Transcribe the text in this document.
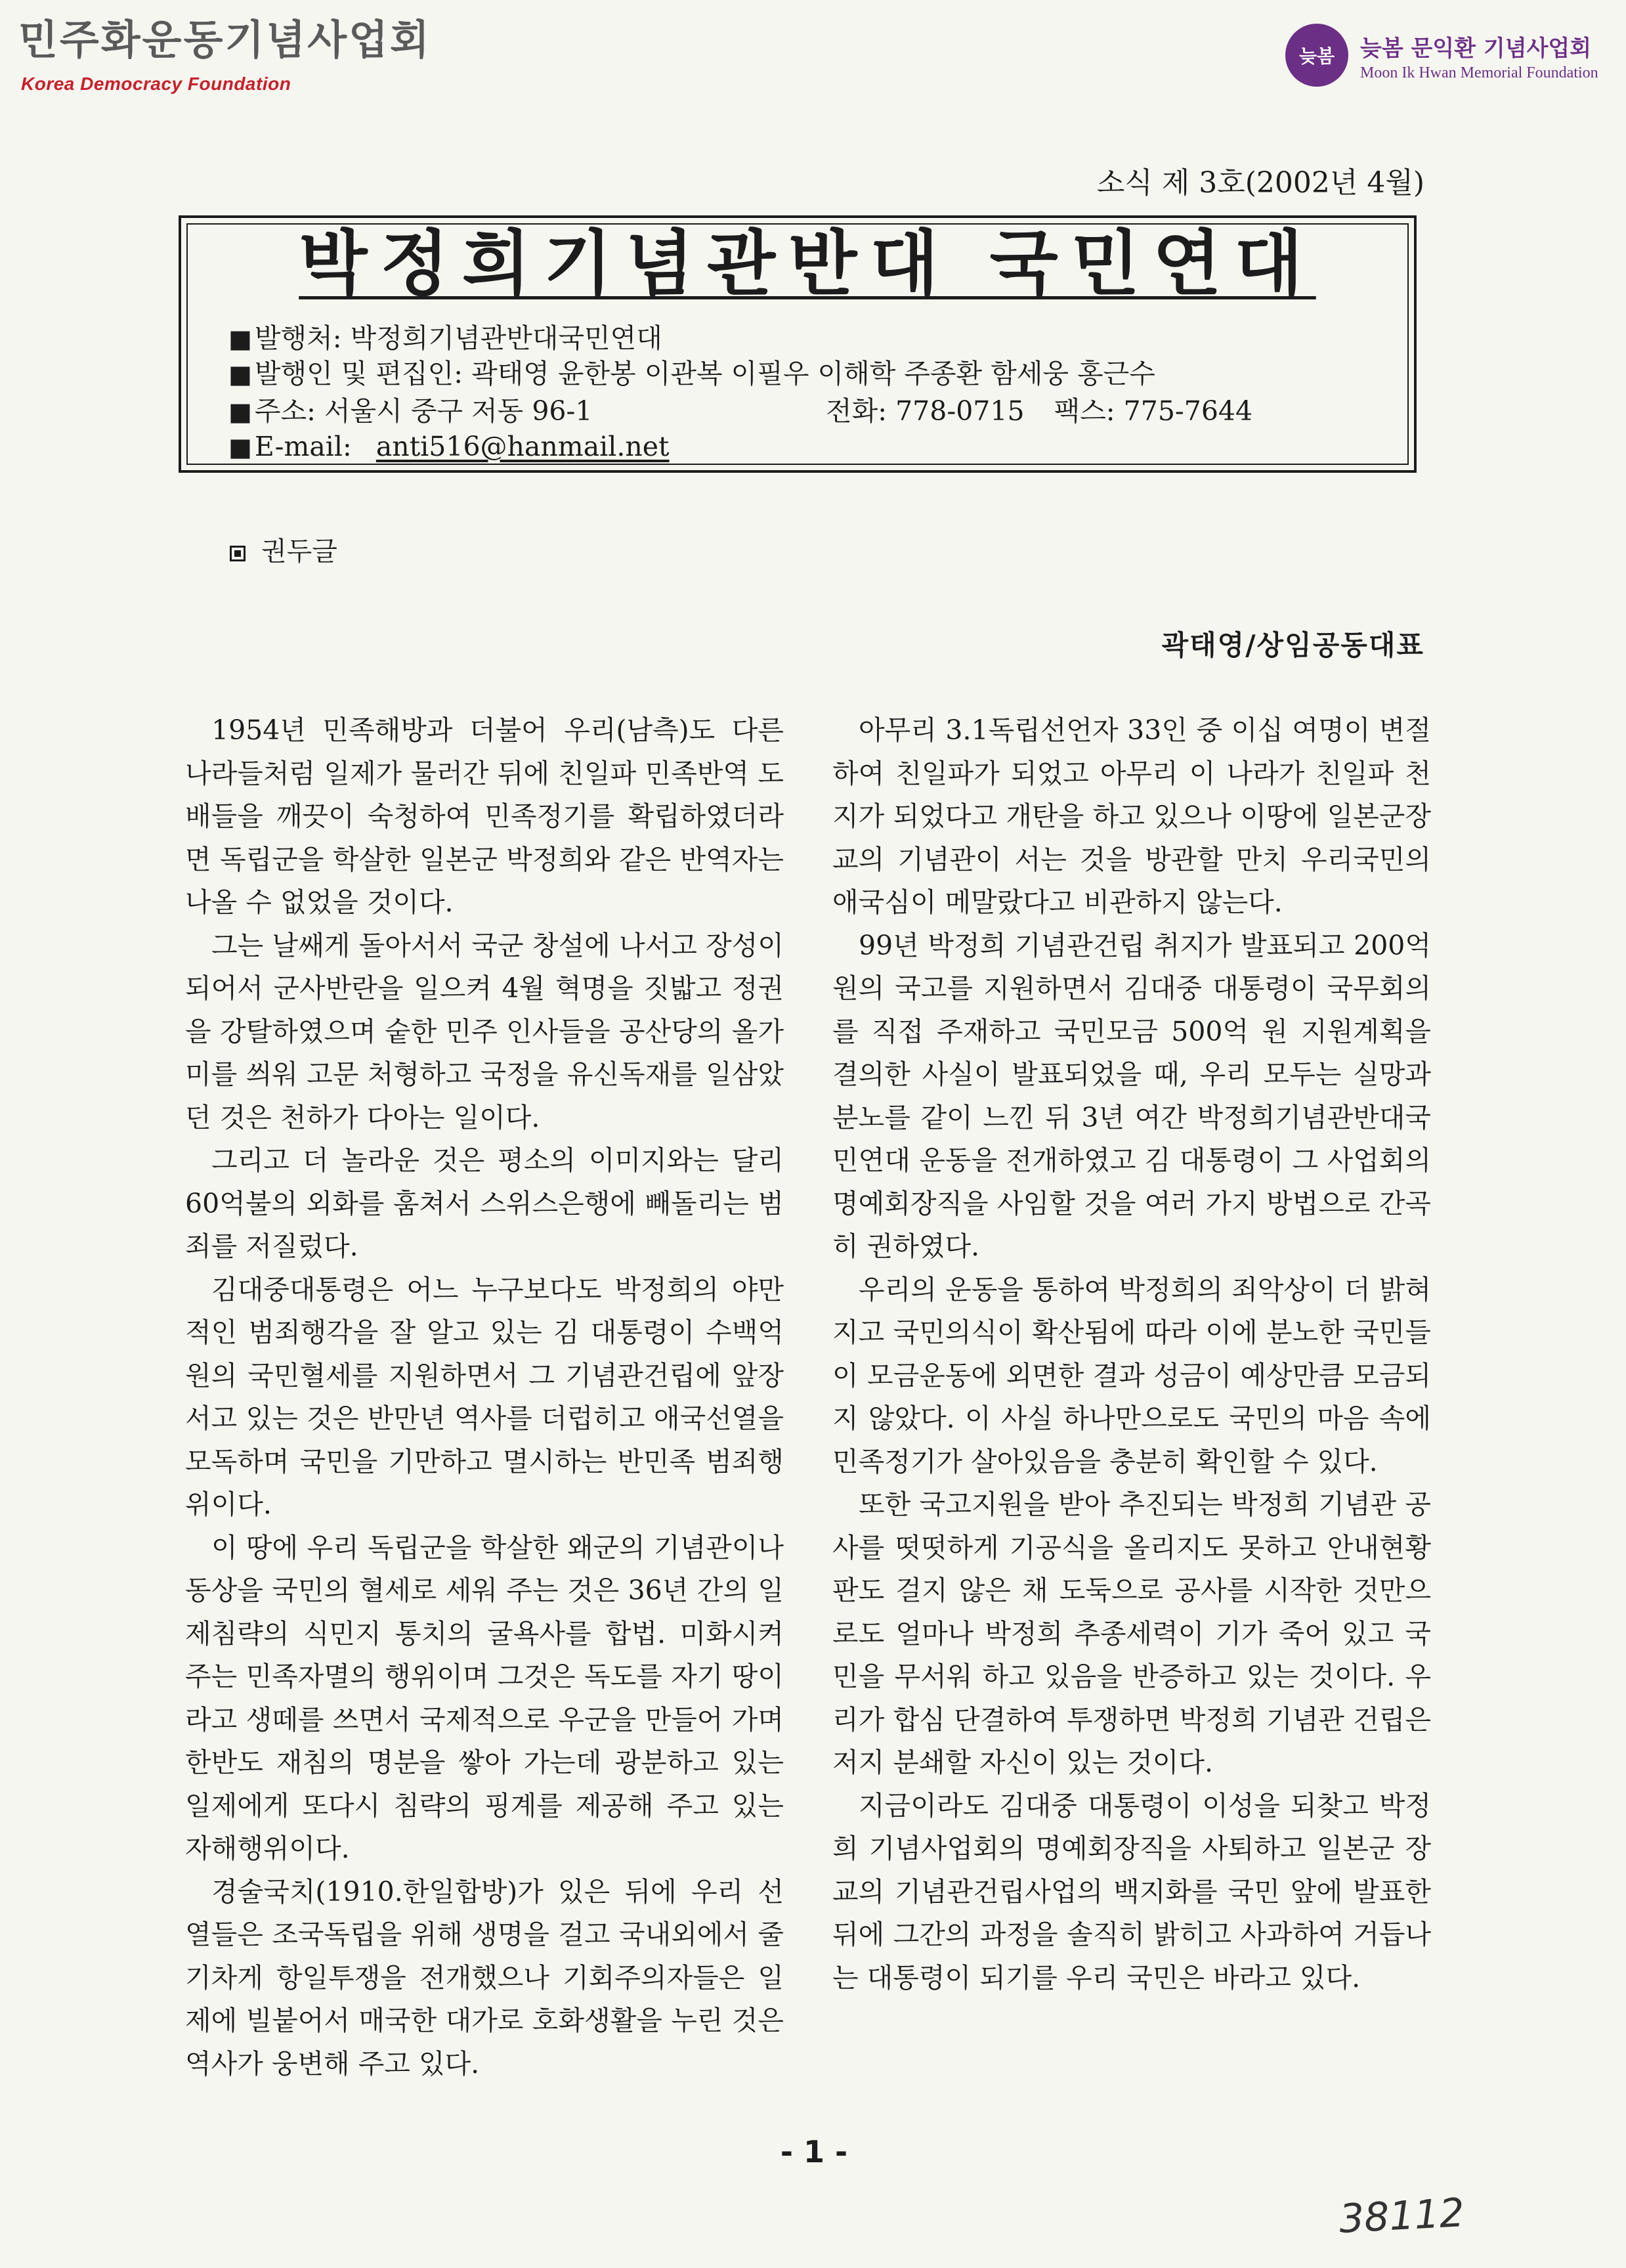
민주화운동기념사업회
Korea Democracy Foundation
늦봄	늦봄 문익환 기념사업회
Moon Ik Hwan Memorial Foundation
소식 제 3호(2002년 4월)
박정희기념관반대 국민연대
■ 발행처: 박정희기념관반대국민연대
■ 발행인 및 편집인: 곽태영 윤한봉 이관복 이필우 이해학 주종환 함세웅 홍근수
■ 주소: 서울시 중구 저동 96-1	전화: 778-0715 팩스: 775-7644
■ E-mail: anti516@hanmail.net
권두글
곽태영/상임공동대표

1954년 민족해방과 더불어 우리(남측)도 다른 나라들처럼 일제가 물러간 뒤에 친일파 민족반역 도배들을 깨끗이 숙청하여 민족정기를 확립하였더라면 독립군을 학살한 일본군 박정희와 같은 반역자는 나올 수 없었을 것이다.

그는 날쌔게 돌아서서 국군 창설에 나서고 장성이 되어서 군사반란을 일으켜 4월 혁명을 짓밟고 정권을 강탈하였으며 숱한 민주 인사들을 공산당의 올가미를 씌워 고문 처형하고 국정을 유신독재를 일삼았던 것은 천하가 다아는 일이다.

그리고 더 놀라운 것은 평소의 이미지와는 달리 60억불의 외화를 훔쳐서 스위스은행에 빼돌리는 범죄를 저질렀다.

김대중대통령은 어느 누구보다도 박정희의 야만적인 범죄행각을 잘 알고 있는 김 대통령이 수백억 원의 국민혈세를 지원하면서 그 기념관건립에 앞장서고 있는 것은 반만년 역사를 더럽히고 애국선열을 모독하며 국민을 기만하고 멸시하는 반민족 범죄행위이다.

이 땅에 우리 독립군을 학살한 왜군의 기념관이나 동상을 국민의 혈세로 세워 주는 것은 36년 간의 일제침략의 식민지 통치의 굴욕사를 합법. 미화시켜 주는 민족자멸의 행위이며 그것은 독도를 자기 땅이라고 생떼를 쓰면서 국제적으로 우군을 만들어 가며 한반도 재침의 명분을 쌓아 가는데 광분하고 있는 일제에게 또다시 침략의 핑계를 제공해 주고 있는 자해행위이다.

경술국치(1910.한일합방)가 있은 뒤에 우리 선열들은 조국독립을 위해 생명을 걸고 국내외에서 줄기차게 항일투쟁을 전개했으나 기회주의자들은 일제에 빌붙어서 매국한 대가로 호화생활을 누린 것은 역사가 웅변해 주고 있다.

아무리 3.1독립선언자 33인 중 이십 여명이 변절하여 친일파가 되었고 아무리 이 나라가 친일파 천지가 되었다고 개탄을 하고 있으나 이땅에 일본군장교의 기념관이 서는 것을 방관할 만치 우리국민의 애국심이 메말랐다고 비관하지 않는다.

99년 박정희 기념관건립 취지가 발표되고 200억 원의 국고를 지원하면서 김대중 대통령이 국무회의를 직접 주재하고 국민모금 500억 원 지원계획을 결의한 사실이 발표되었을 때, 우리 모두는 실망과 분노를 같이 느낀 뒤 3년 여간 박정희기념관반대국민연대 운동을 전개하였고 김 대통령이 그 사업회의 명예회장직을 사임할 것을 여러 가지 방법으로 간곡히 권하였다.

우리의 운동을 통하여 박정희의 죄악상이 더 밝혀지고 국민의식이 확산됨에 따라 이에 분노한 국민들이 모금운동에 외면한 결과 성금이 예상만큼 모금되지 않았다. 이 사실 하나만으로도 국민의 마음 속에 민족정기가 살아있음을 충분히 확인할 수 있다.

또한 국고지원을 받아 추진되는 박정희 기념관 공사를 떳떳하게 기공식을 올리지도 못하고 안내현황 판도 걸지 않은 채 도둑으로 공사를 시작한 것만으로도 얼마나 박정희 추종세력이 기가 죽어 있고 국민을 무서워 하고 있음을 반증하고 있는 것이다. 우리가 합심 단결하여 투쟁하면 박정희 기념관 건립은 저지 분쇄할 자신이 있는 것이다.

지금이라도 김대중 대통령이 이성을 되찾고 박정희 기념사업회의 명예회장직을 사퇴하고 일본군 장교의 기념관건립사업의 백지화를 국민 앞에 발표한 뒤에 그간의 과정을 솔직히 밝히고 사과하여 거듭나는 대통령이 되기를 우리 국민은 바라고 있다.

- 1 -
38112
